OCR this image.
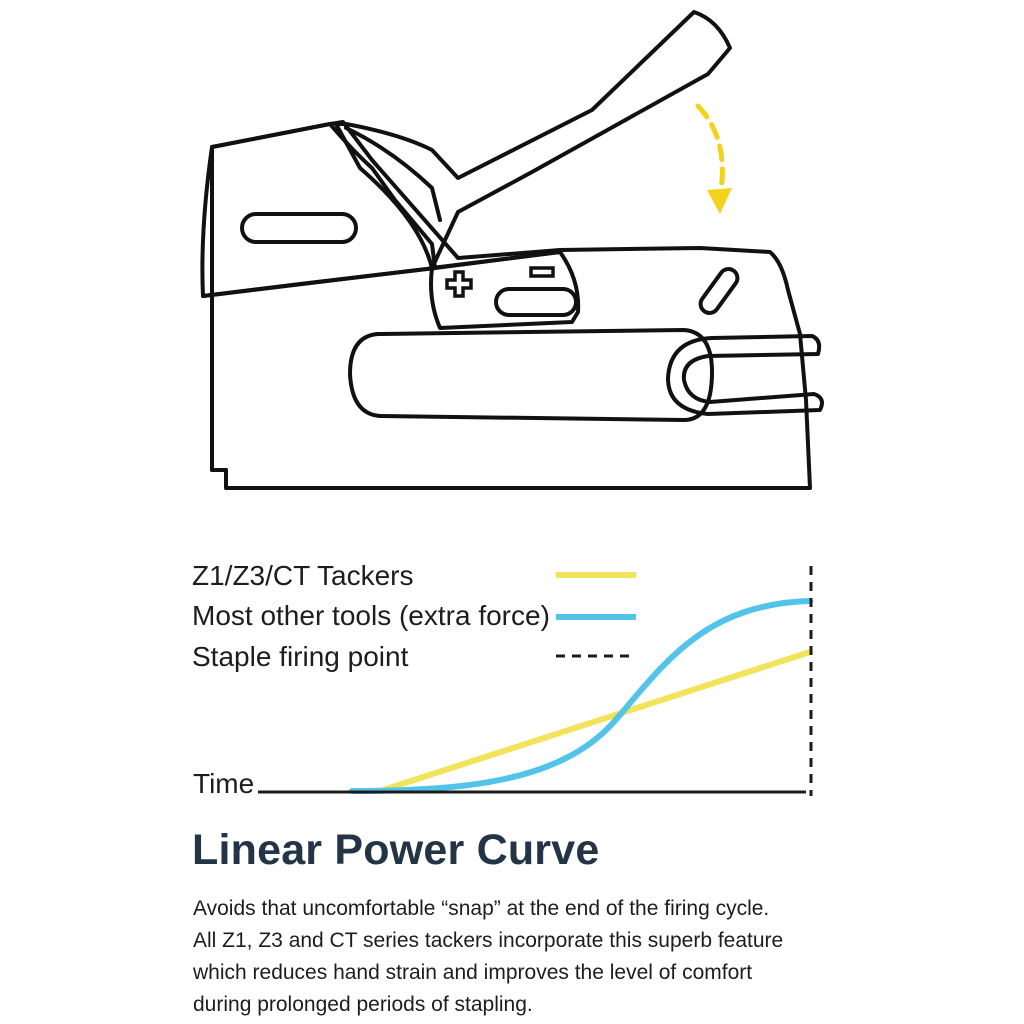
Z1/Z3/CT Tackers
Most other tools (extra force)
Staple firing point
Time
Linear Power Curve
Avoids that uncomfortable “snap” at the end of the firing cycle.
All Z1, Z3 and CT series tackers incorporate this superb feature
which reduces hand strain and improves the level of comfort
during prolonged periods of stapling.
